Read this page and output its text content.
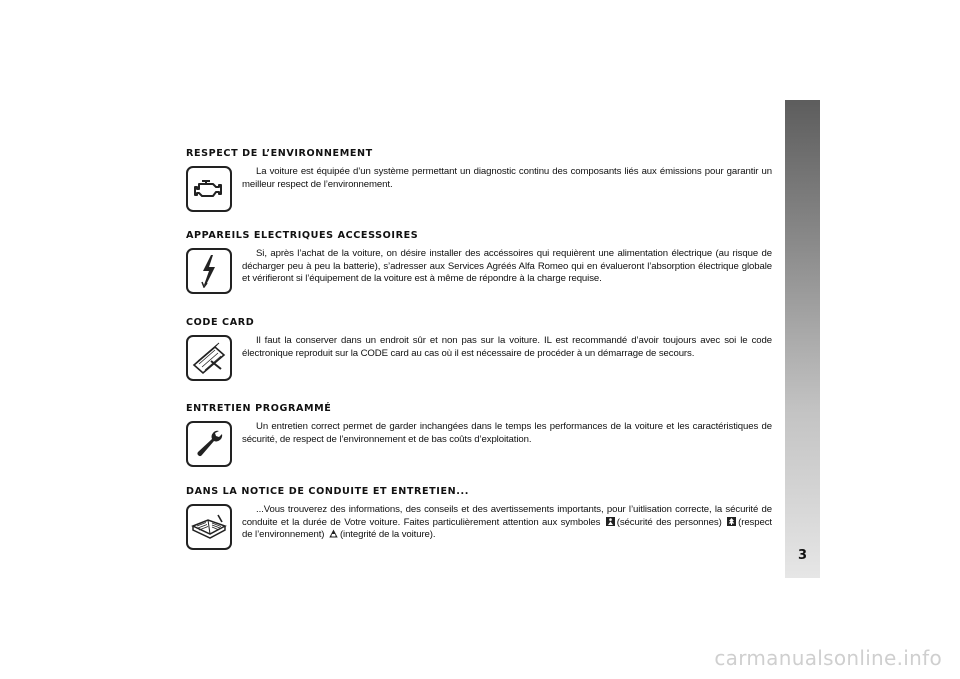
3
RESPECT DE L’ENVIRONNEMENT

La voiture est équipée d’un système permettant un diagnostic continu des composants liés aux émissions pour garantir un meilleur respect de l’environnement.

APPAREILS ELECTRIQUES ACCESSOIRES

Si, après l’achat de la voiture, on désire installer des accéssoires qui requièrent une alimentation électrique (au risque de décharger peu à peu la batterie), s’adresser aux Services Agréés Alfa Romeo qui en évalueront l’absorption électrique globale et vérifieront si l’équipement de la voiture est à même de répondre à la charge requise.

CODE CARD

Il faut la conserver dans un endroit sûr et non pas sur la voiture. IL est recommandé d’avoir toujours avec soi le code électronique reproduit sur la CODE card au cas où il est nécessaire de procéder à un démarrage de secours.

ENTRETIEN PROGRAMMÉ

Un entretien correct permet de garder inchangées dans le temps les performances de la voiture et les caractéristiques de sécurité, de respect de l’environnement et de bas coûts d’exploitation.

DANS LA NOTICE DE CONDUITE ET ENTRETIEN...

...Vous trouverez des informations, des conseils et des avertissements importants, pour l’uitlisation correcte, la sécurité de conduite et la durée de Votre voiture. Faites particulièrement attention aux symboles (sécurité des personnes) (respect de l’environnement) (integrité de la voiture).

carmanualsonline.info
